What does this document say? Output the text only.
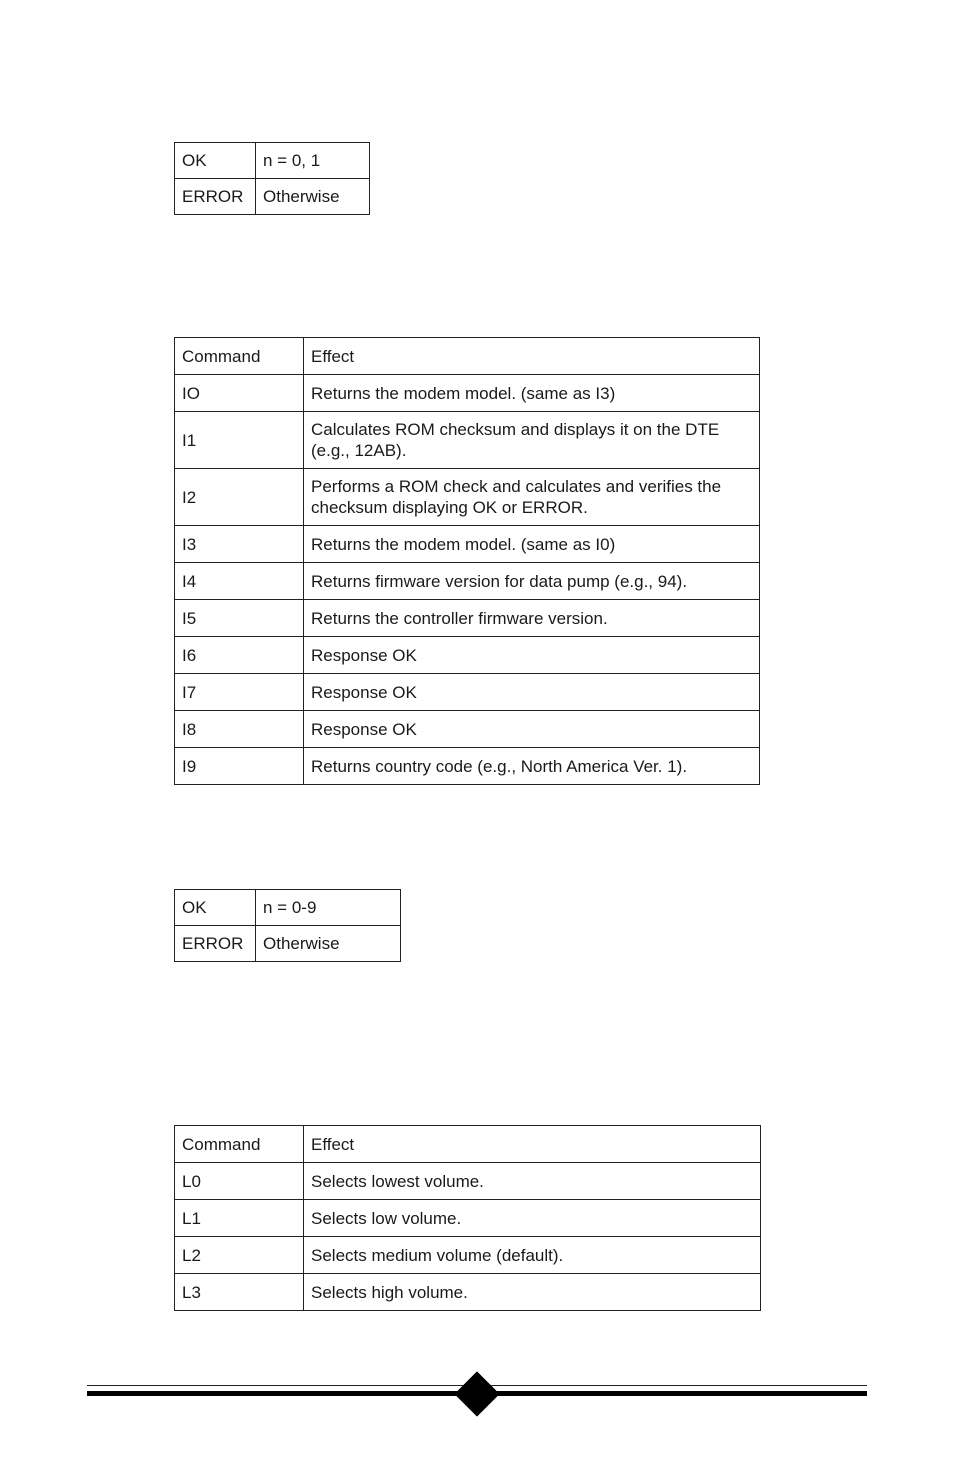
OK	n = 0, 1
ERROR	Otherwise
Command	Effect
IO	Returns the modem model. (same as I3)
I1	Calculates ROM checksum and displays it on the DTE (e.g., 12AB).
I2	Performs a ROM check and calculates and verifies the checksum displaying OK or ERROR.
I3	Returns the modem model. (same as I0)
I4	Returns firmware version for data pump (e.g., 94).
I5	Returns the controller firmware version.
I6	Response OK
I7	Response OK
I8	Response OK
I9	Returns country code (e.g., North America Ver. 1).
OK	n = 0-9
ERROR	Otherwise
Command	Effect
L0	Selects lowest volume.
L1	Selects low volume.
L2	Selects medium volume (default).
L3	Selects high volume.
